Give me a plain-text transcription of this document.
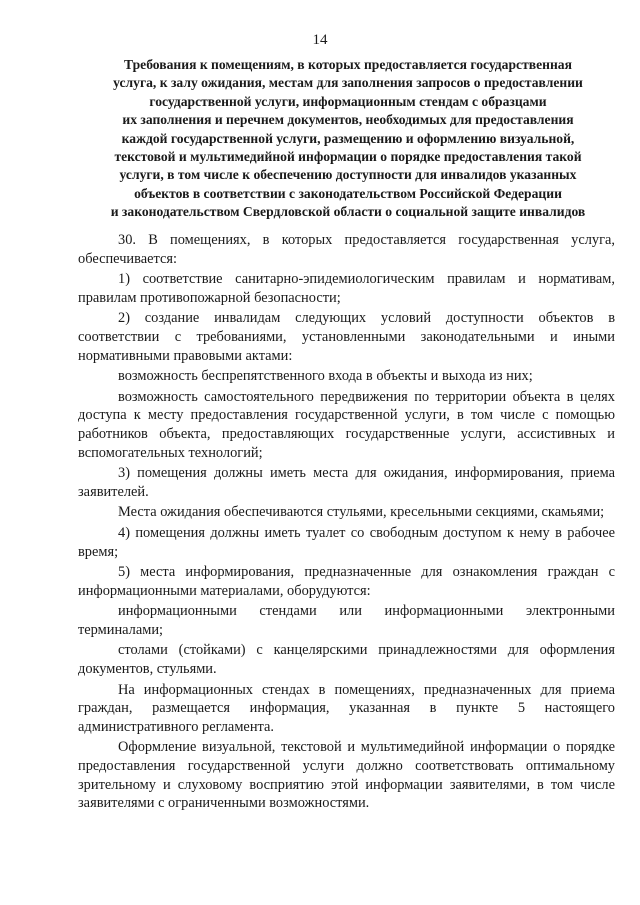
14
Требования к помещениям, в которых предоставляется государственная
услуга, к залу ожидания, местам для заполнения запросов о предоставлении
государственной услуги, информационным стендам с образцами
их заполнения и перечнем документов, необходимых для предоставления
каждой государственной услуги, размещению и оформлению визуальной,
текстовой и мультимедийной информации о порядке предоставления такой
услуги, в том числе к обеспечению доступности для инвалидов указанных
объектов в соответствии с законодательством Российской Федерации
и законодательством Свердловской области о социальной защите инвалидов

30. В помещениях, в которых предоставляется государственная услуга, обеспечивается:

1) соответствие санитарно-эпидемиологическим правилам и нормативам, правилам противопожарной безопасности;

2) создание инвалидам следующих условий доступности объектов в соответствии с требованиями, установленными законодательными и иными нормативными правовыми актами:

возможность беспрепятственного входа в объекты и выхода из них;

возможность самостоятельного передвижения по территории объекта в целях доступа к месту предоставления государственной услуги, в том числе с помощью работников объекта, предоставляющих государственные услуги, ассистивных и вспомогательных технологий;

3) помещения должны иметь места для ожидания, информирования, приема заявителей.

Места ожидания обеспечиваются стульями, кресельными секциями, скамьями;

4) помещения должны иметь туалет со свободным доступом к нему в рабочее время;

5) места информирования, предназначенные для ознакомления граждан с информационными материалами, оборудуются:

информационными стендами или информационными электронными терминалами;

столами (стойками) с канцелярскими принадлежностями для оформления документов, стульями.

На информационных стендах в помещениях, предназначенных для приема граждан, размещается информация, указанная в пункте 5 настоящего административного регламента.

Оформление визуальной, текстовой и мультимедийной информации о порядке предоставления государственной услуги должно соответствовать оптимальному зрительному и слуховому восприятию этой информации заявителями, в том числе заявителями с ограниченными возможностями.
